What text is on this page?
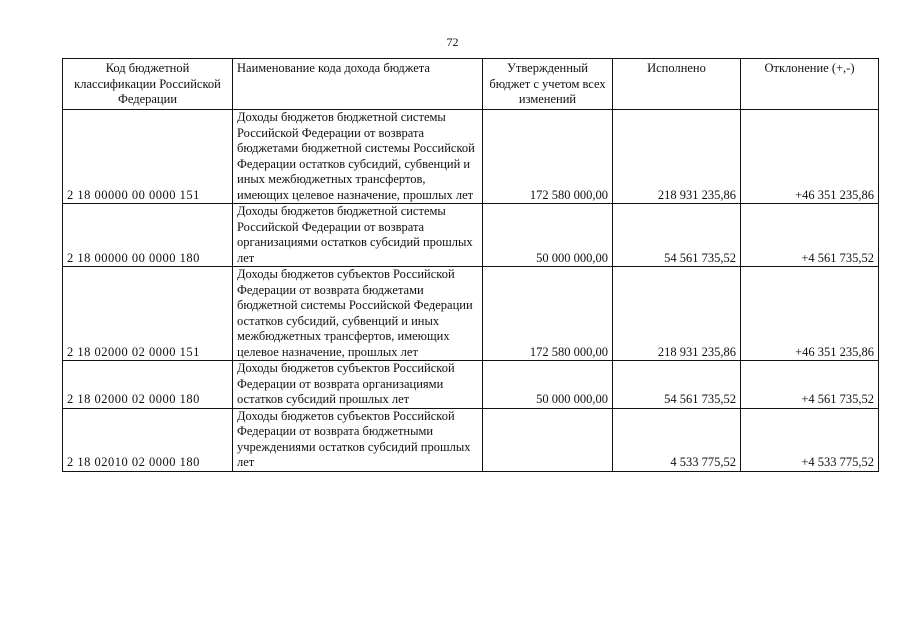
72
Код бюджетной классификации Российской Федерации	Наименование кода дохода бюджета	Утвержденный бюджет с учетом всех изменений	Исполнено	Отклонение (+,-)
2 18 00000 00 0000 151	Доходы бюджетов бюджетной системы Российской Федерации от возврата бюджетами бюджетной системы Российской Федерации остатков субсидий, субвенций и иных межбюджетных трансфертов, имеющих целевое назначение, прошлых лет	172 580 000,00	218 931 235,86	+46 351 235,86
2 18 00000 00 0000 180	Доходы бюджетов бюджетной системы Российской Федерации от возврата организациями остатков субсидий прошлых лет	50 000 000,00	54 561 735,52	+4 561 735,52
2 18 02000 02 0000 151	Доходы бюджетов субъектов Российской Федерации от возврата бюджетами бюджетной системы Российской Федерации остатков субсидий, субвенций и иных межбюджетных трансфертов, имеющих целевое назначение, прошлых лет	172 580 000,00	218 931 235,86	+46 351 235,86
2 18 02000 02 0000 180	Доходы бюджетов субъектов Российской Федерации от возврата организациями остатков субсидий прошлых лет	50 000 000,00	54 561 735,52	+4 561 735,52
2 18 02010 02 0000 180	Доходы бюджетов субъектов Российской Федерации от возврата бюджетными учреждениями остатков субсидий прошлых лет		4 533 775,52	+4 533 775,52
